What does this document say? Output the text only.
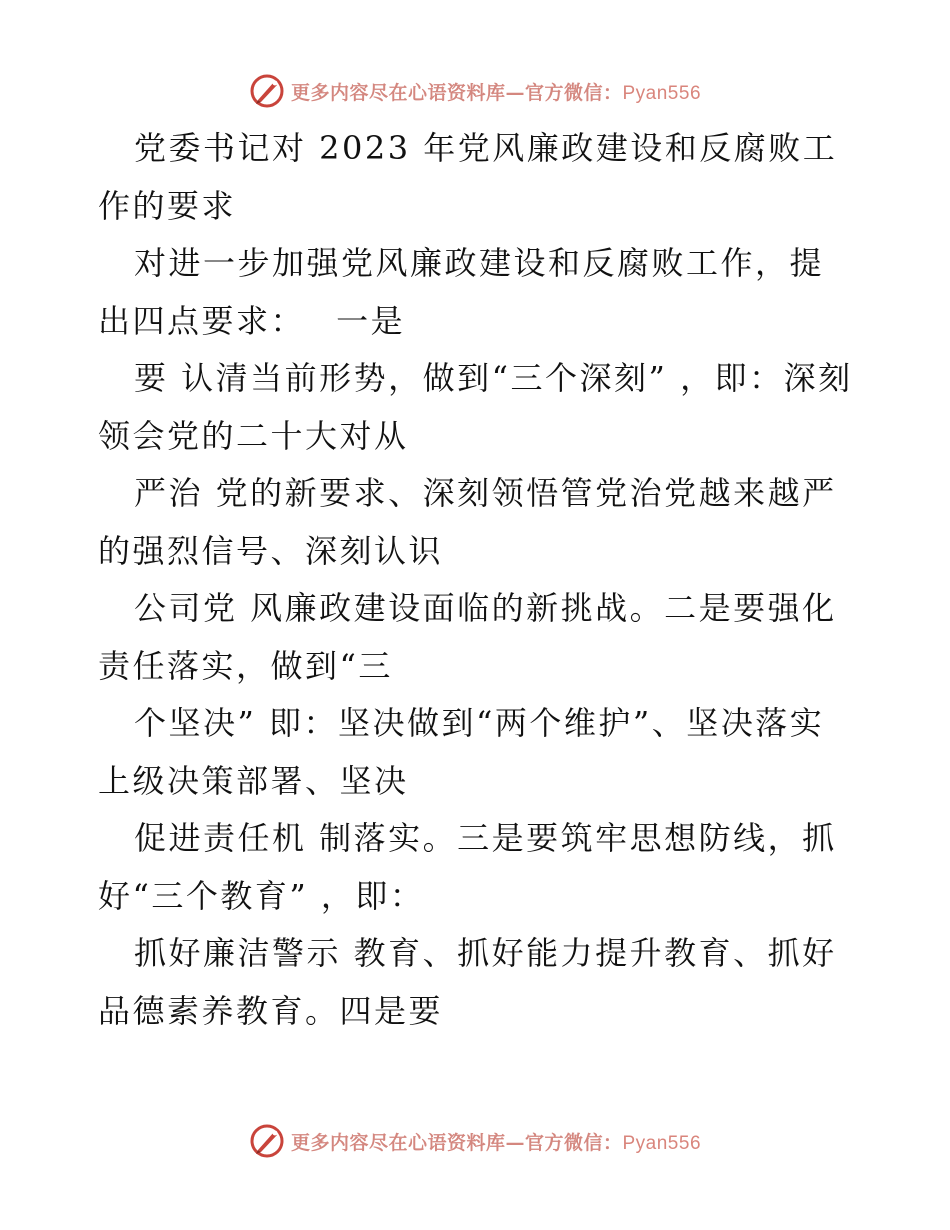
更多内容尽在心语资料库—官方微信：Pyan556

党委书记对 2023 年党风廉政建设和反腐败工作的要求

对进一步加强党风廉政建设和反腐败工作，提出四点要求：　 一是

要 认清当前形势，做到“三个深刻” ，即：深刻领会党的二十大对从

严治 党的新要求、深刻领悟管党治党越来越严的强烈信号、深刻认识

公司党 风廉政建设面临的新挑战。二是要强化责任落实，做到“三

个坚决” 即：坚决做到“两个维护”、坚决落实上级决策部署、坚决

促进责任机 制落实。三是要筑牢思想防线，抓好“三个教育” ，即：

抓好廉洁警示 教育、抓好能力提升教育、抓好品德素养教育。四是要

更多内容尽在心语资料库—官方微信：Pyan556
